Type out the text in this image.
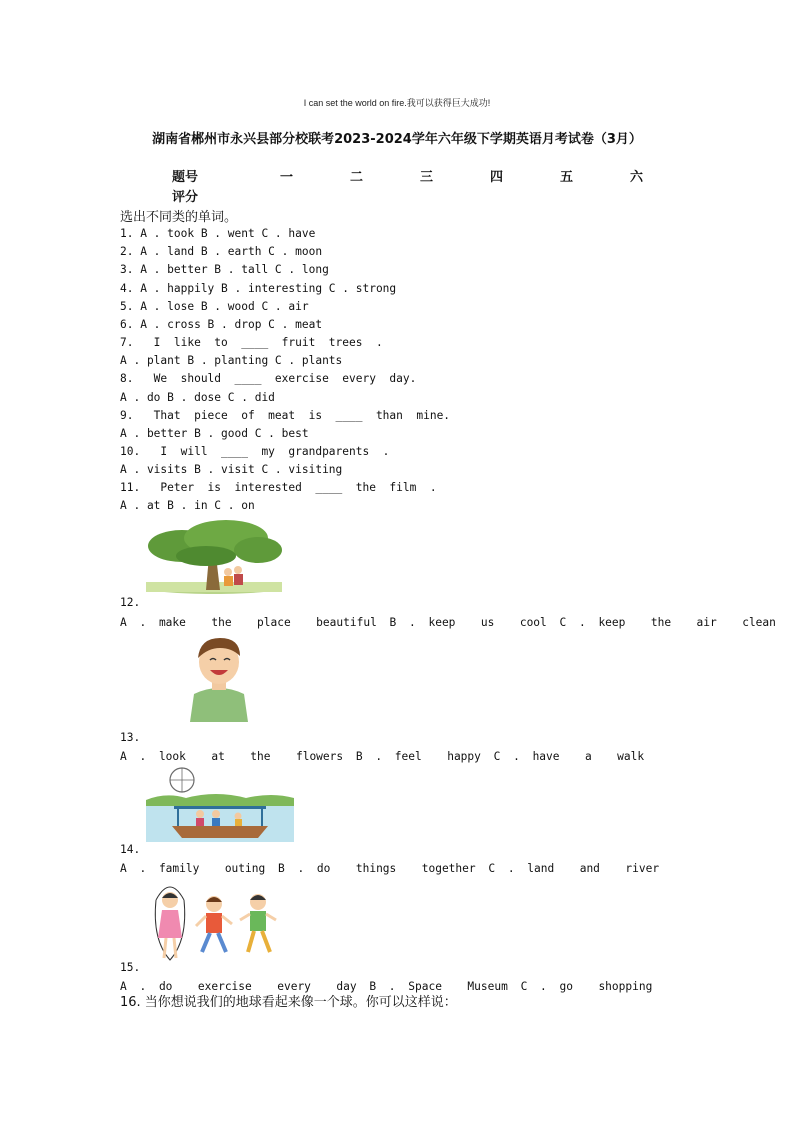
I can set the world on fire.我可以获得巨大成功!
湖南省郴州市永兴县部分校联考2023-2024学年六年级下学期英语月考试卷（3月）
题号	一	二	三	四	五	六
评分
选出不同类的单词。
1. A . took B . went C . have
2. A . land B . earth C . moon
3. A . better B . tall C . long
4. A . happily B . interesting C . strong
5. A . lose B . wood C . air
6. A . cross B . drop C . meat
7.   I  like  to  ____  fruit  trees  .
A . plant B . planting C . plants
8.   We  should  ____  exercise  every  day.
A . do B . dose C . did
9.   That  piece  of  meat  is  ____  than  mine.
A . better B . good C . best
10.   I  will  ____  my  grandparents  .
A . visits B . visit C . visiting
11.   Peter  is  interested  ____  the  film  .
A . at B . in C . on
12.
A . make  the  place  beautiful B . keep  us  cool C . keep  the  air  clean
13.
A . look  at  the  flowers B . feel  happy C . have  a  walk
14.
A . family  outing B . do  things  together C . land  and  river
15.
A . do  exercise  every  day B . Space  Museum C . go  shopping
16. 当你想说我们的地球看起来像一个球。你可以这样说：
